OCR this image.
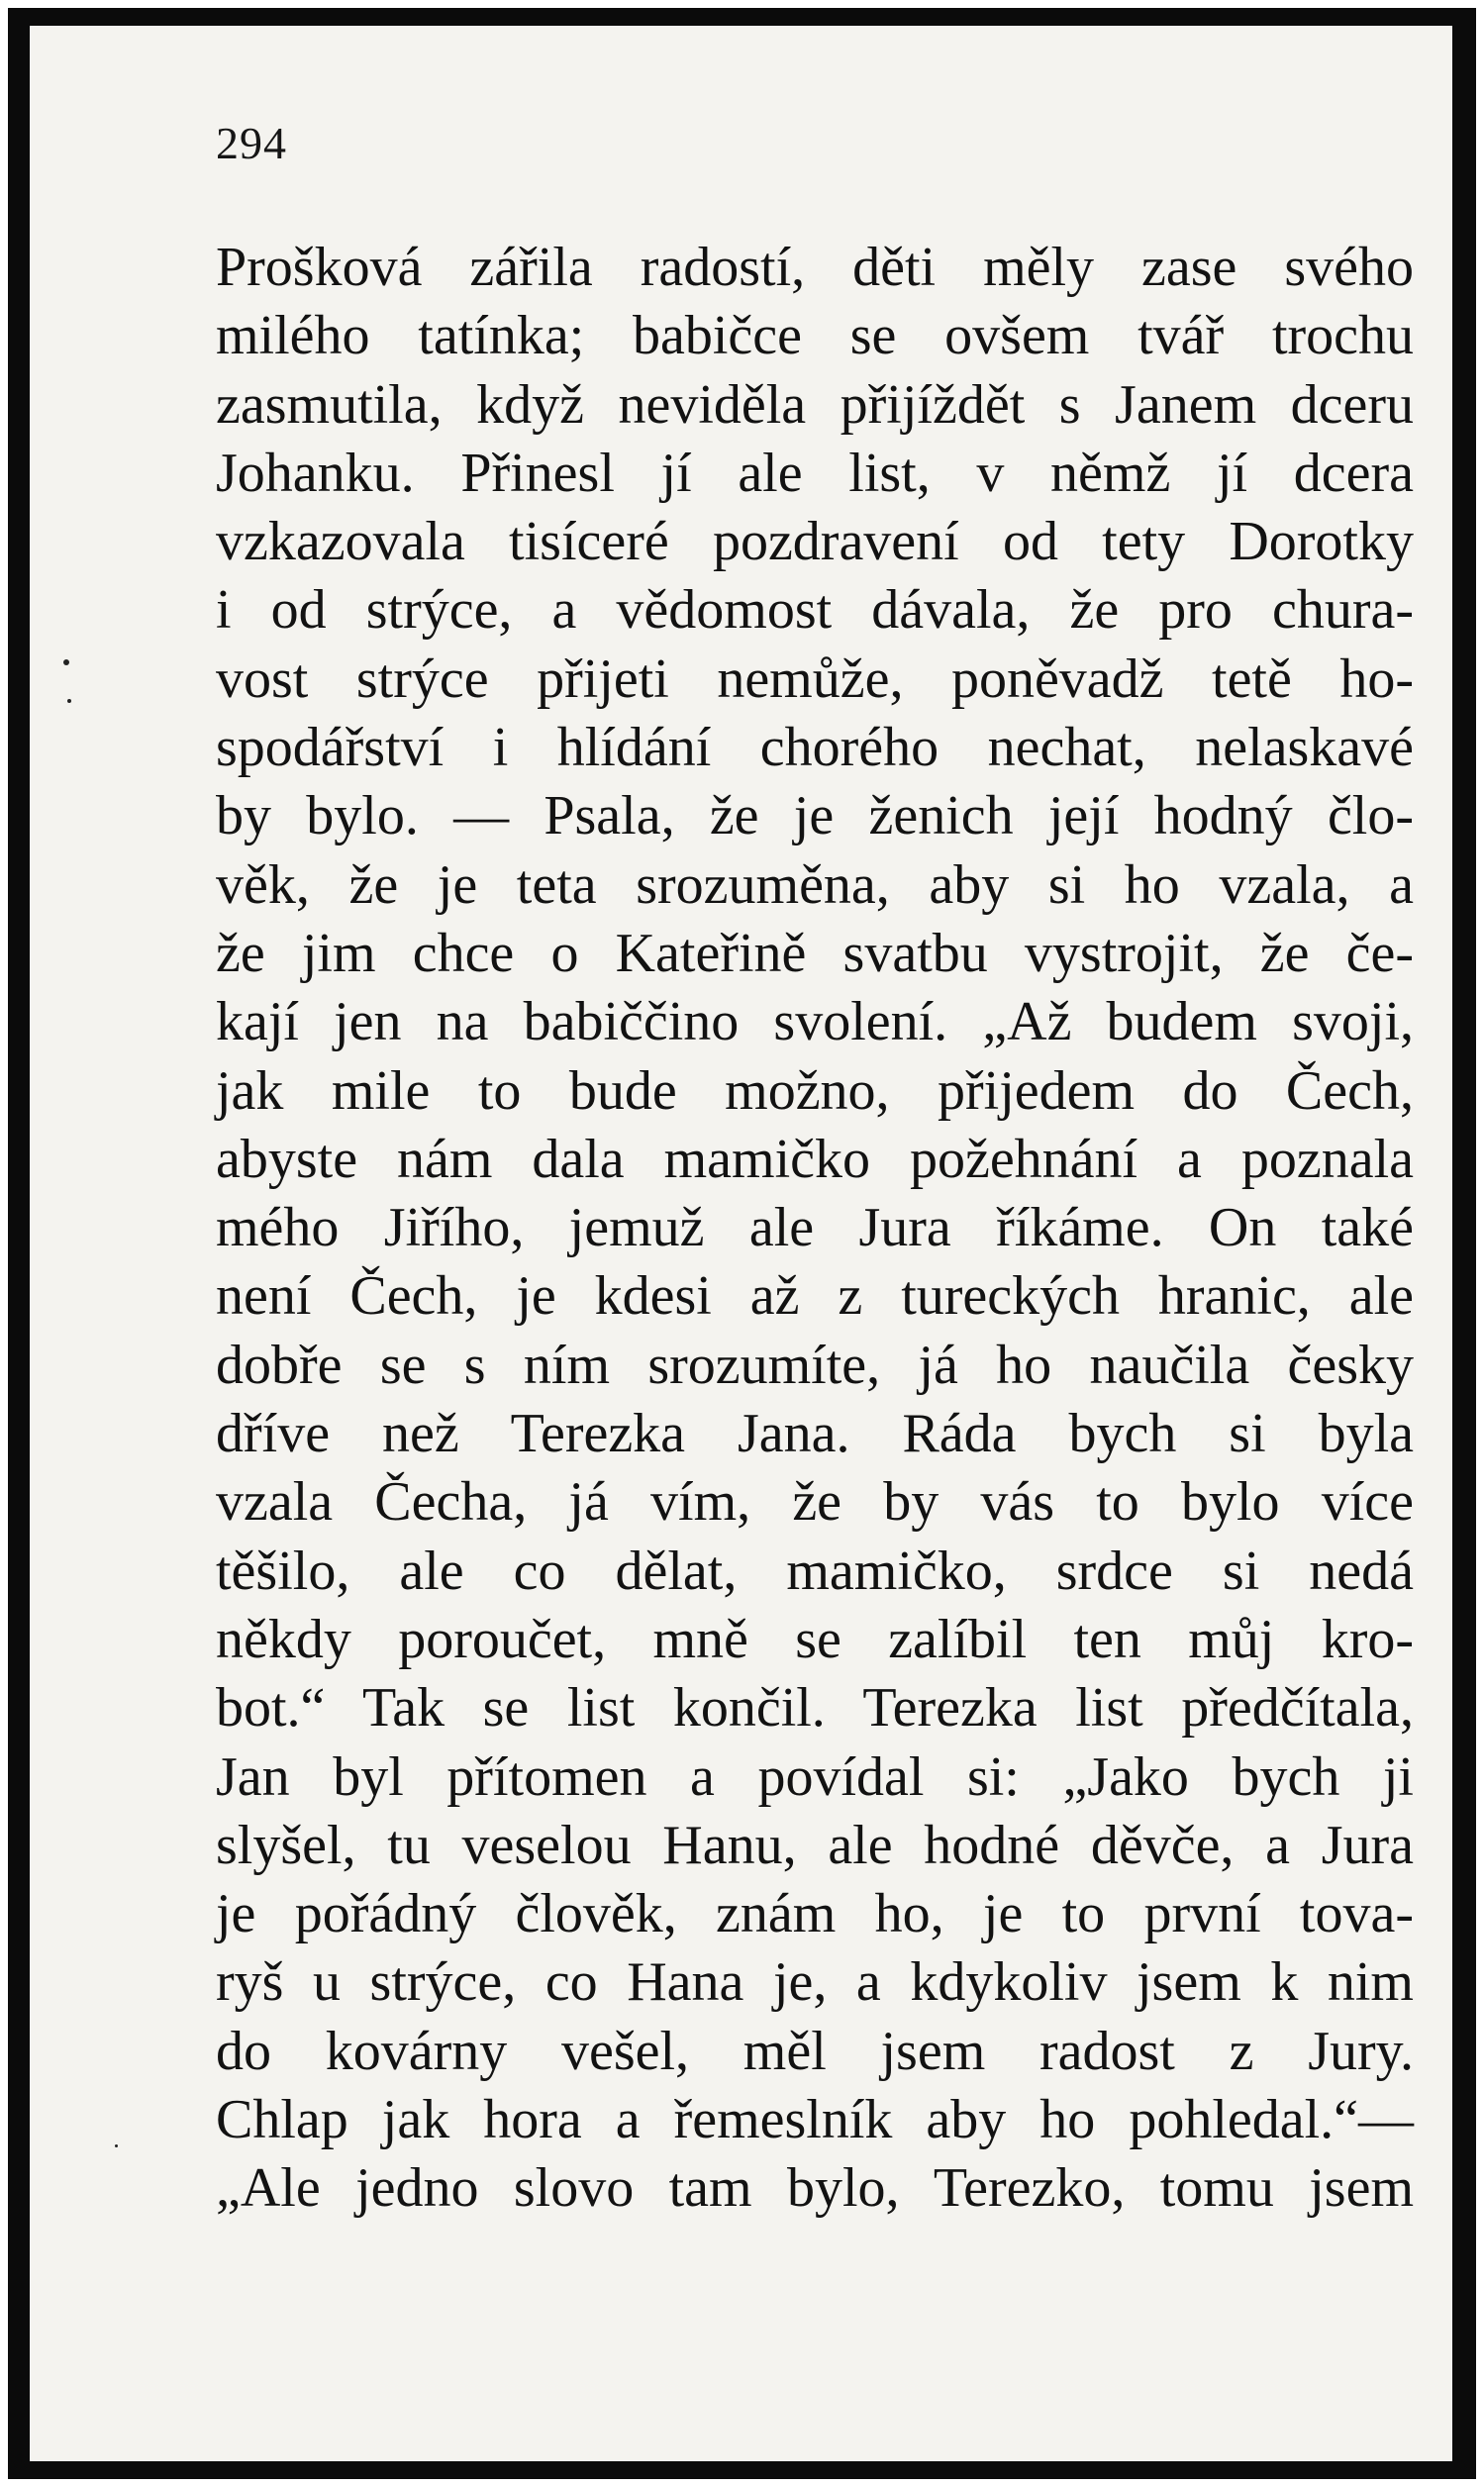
294
Prošková zářila radostí, děti měly zase svého
milého tatínka; babičce se ovšem tvář trochu
zasmutila, když neviděla přijíždět s Janem dceru
Johanku. Přinesl jí ale list, v němž jí dcera
vzkazovala tisíceré pozdravení od tety Dorotky
i od strýce, a vědomost dávala, že pro chura-
vost strýce přijeti nemůže, poněvadž tetě ho-
spodářství i hlídání chorého nechat, nelaskavé
by bylo. — Psala, že je ženich její hodný člo-
věk, že je teta srozuměna, aby si ho vzala, a
že jim chce o Kateřině svatbu vystrojit, že če-
kají jen na babiččino svolení. „Až budem svoji,
jak mile to bude možno, přijedem do Čech,
abyste nám dala mamičko požehnání a poznala
mého Jiřího, jemuž ale Jura říkáme. On také
není Čech, je kdesi až z tureckých hranic, ale
dobře se s ním srozumíte, já ho naučila česky
dříve než Terezka Jana. Ráda bych si byla
vzala Čecha, já vím, že by vás to bylo více
těšilo, ale co dělat, mamičko, srdce si nedá
někdy poroučet, mně se zalíbil ten můj kro-
bot.“ Tak se list končil. Terezka list předčítala,
Jan byl přítomen a povídal si: „Jako bych ji
slyšel, tu veselou Hanu, ale hodné děvče, a Jura
je pořádný člověk, znám ho, je to první tova-
ryš u strýce, co Hana je, a kdykoliv jsem k nim
do kovárny vešel, měl jsem radost z Jury.
Chlap jak hora a řemeslník aby ho pohledal.“—
„Ale jedno slovo tam bylo, Terezko, tomu jsem
